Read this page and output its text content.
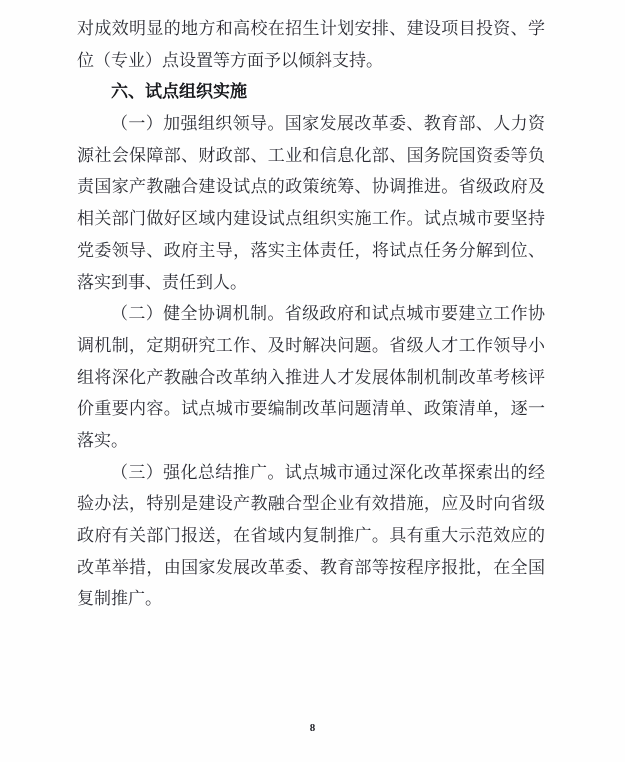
对成效明显的地方和高校在招生计划安排、建设项目投资、学
位（专业）点设置等方面予以倾斜支持。
六、试点组织实施
（一）加强组织领导。国家发展改革委、教育部、人力资
源社会保障部、财政部、工业和信息化部、国务院国资委等负
责国家产教融合建设试点的政策统筹、协调推进。省级政府及
相关部门做好区域内建设试点组织实施工作。试点城市要坚持
党委领导、政府主导，落实主体责任，将试点任务分解到位、
落实到事、责任到人。
（二）健全协调机制。省级政府和试点城市要建立工作协
调机制，定期研究工作、及时解决问题。省级人才工作领导小
组将深化产教融合改革纳入推进人才发展体制机制改革考核评
价重要内容。试点城市要编制改革问题清单、政策清单，逐一
落实。
（三）强化总结推广。试点城市通过深化改革探索出的经
验办法，特别是建设产教融合型企业有效措施，应及时向省级
政府有关部门报送，在省域内复制推广。具有重大示范效应的
改革举措，由国家发展改革委、教育部等按程序报批，在全国
复制推广。
8
